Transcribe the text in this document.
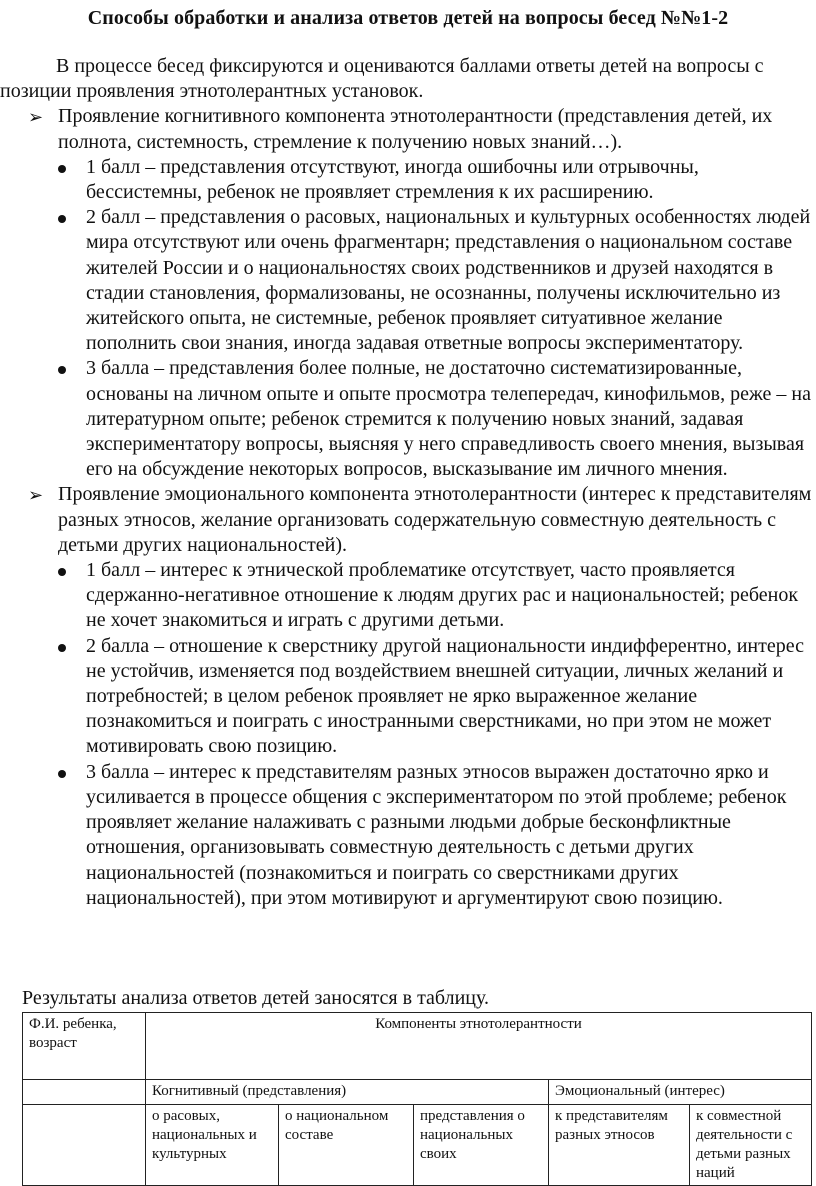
Способы обработки и анализа ответов детей на вопросы бесед №№1-2

В процессе бесед фиксируются и оцениваются баллами ответы детей на вопросы с позиции проявления этнотолерантных установок.

➢ Проявление когнитивного компонента этнотолерантности (представления детей, их полнота, системность, стремление к получению новых знаний…).
1 балл – представления отсутствуют, иногда ошибочны или отрывочны, бессистемны, ребенок не проявляет стремления к их расширению.
2 балл – представления о расовых, национальных и культурных особенностях людей мира отсутствуют или очень фрагментарн; представления о национальном составе жителей России и о национальностях своих родственников и друзей находятся в стадии становления, формализованы, не осознанны, получены исключительно из житейского опыта, не системные, ребенок проявляет ситуативное желание пополнить свои знания, иногда задавая ответные вопросы экспериментатору.
3 балла – представления более полные, не достаточно систематизированные, основаны на личном опыте и опыте просмотра телепередач, кинофильмов, реже – на литературном опыте; ребенок стремится к получению новых знаний, задавая экспериментатору вопросы, выясняя у него справедливость своего мнения, вызывая его на обсуждение некоторых вопросов, высказывание им личного мнения.
➢ Проявление эмоционального компонента этнотолерантности (интерес к представителям разных этносов, желание организовать содержательную совместную деятельность с детьми других национальностей).
1 балл – интерес к этнической проблематике отсутствует, часто проявляется сдержанно-негативное отношение к людям других рас и национальностей; ребенок не хочет знакомиться и играть с другими детьми.
2 балла – отношение к сверстнику другой национальности индифферентно, интерес не устойчив, изменяется под воздействием внешней ситуации, личных желаний и потребностей; в целом ребенок проявляет не ярко выраженное желание познакомиться и поиграть с иностранными сверстниками, но при этом не может мотивировать свою позицию.
3 балла – интерес к представителям разных этносов выражен достаточно ярко и усиливается в процессе общения с экспериментатором по этой проблеме; ребенок проявляет желание налаживать с разными людьми добрые бесконфликтные отношения, организовывать совместную деятельность с детьми других национальностей (познакомиться и поиграть со сверстниками других национальностей), при этом мотивируют и аргументируют свою позицию.
Результаты анализа ответов детей заносятся в таблицу.
Ф.И. ребенка, возраст	Компоненты этнотолерантности				
	Когнитивный (представления)			Эмоциональный (интерес)	
	о расовых, национальных и культурных	о национальном составе	представления о национальных своих	к представителям разных этносов	к совместной деятельности с детьми разных наций
